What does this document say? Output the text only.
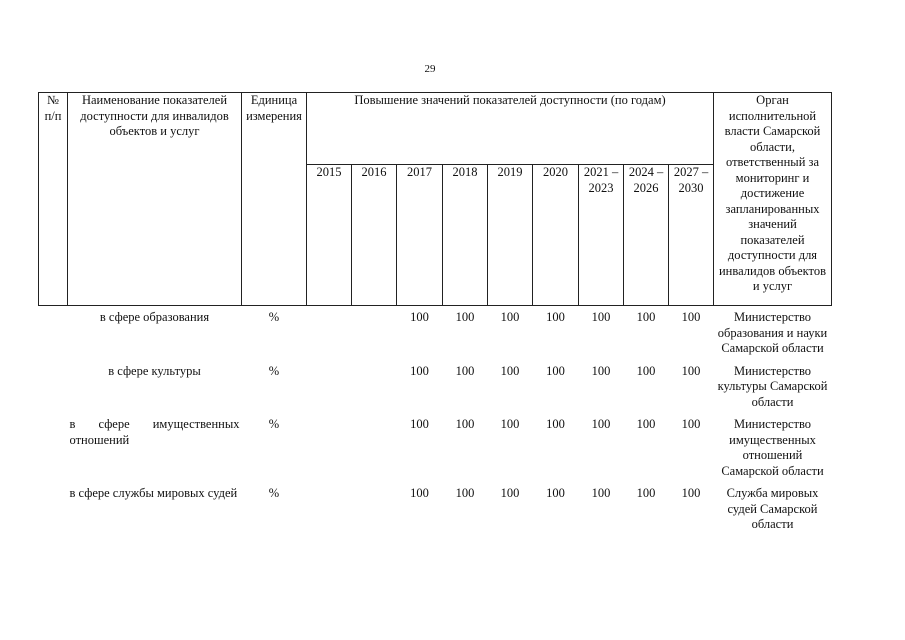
29
№ п/п	Наименование показателей доступности для инвалидов объектов и услуг	Единица измерения	Повышение значений показателей доступности (по годам)									Орган исполнительной власти Самарской области, ответственный за мониторинг и достижение запланированных значений показателей доступности для инвалидов объектов и услуг
			2015	2016	2017	2018	2019	2020	2021 – 2023	2024 – 2026	2027 – 2030	
	в сфере образования	%			100	100	100	100	100	100	100	Министерство образования и науки Самарской области
	в сфере культуры	%			100	100	100	100	100	100	100	Министерство культуры Самарской области
	в сфере имущественных отношений	%			100	100	100	100	100	100	100	Министерство имущественных отношений Самарской области
	в сфере службы мировых судей	%			100	100	100	100	100	100	100	Служба мировых судей Самарской области
